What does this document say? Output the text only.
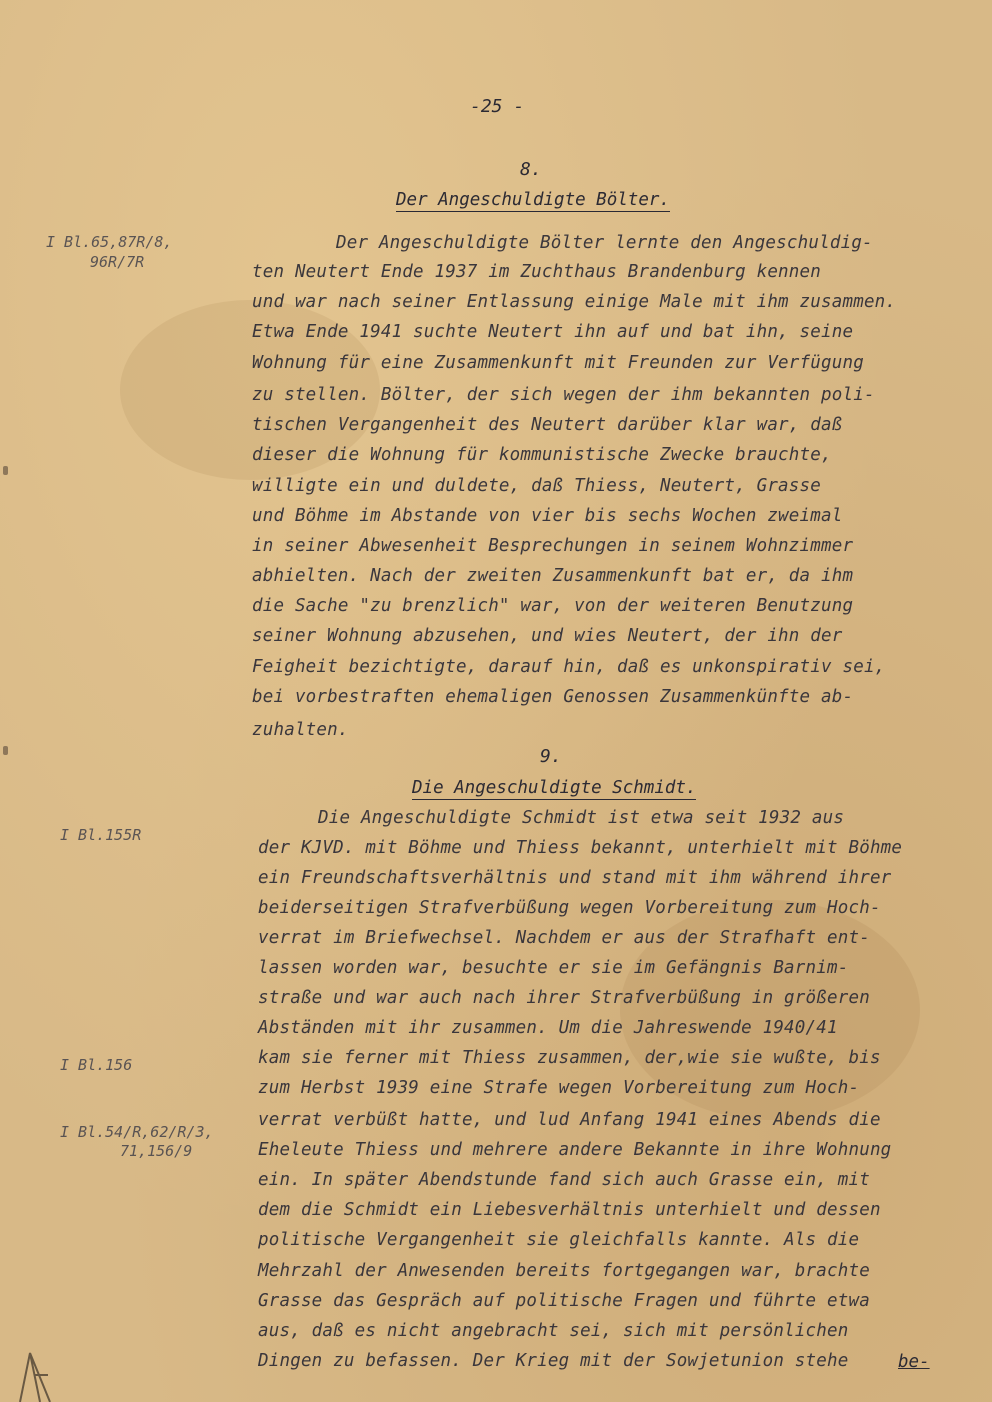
-25 -
8.
Der Angeschuldigte Bölter.
I Bl.65,87R/8,
96R/7R
Der Angeschuldigte Bölter lernte den Angeschuldig-
ten Neutert Ende 1937 im Zuchthaus Brandenburg kennen
und war nach seiner Entlassung einige Male mit ihm zusammen.
Etwa Ende 1941 suchte Neutert ihn auf und bat ihn, seine
Wohnung für eine Zusammenkunft mit Freunden zur Verfügung
zu stellen. Bölter, der sich wegen der ihm bekannten poli-
tischen Vergangenheit des Neutert darüber klar war, daß
dieser die Wohnung für kommunistische Zwecke brauchte,
willigte ein und duldete, daß Thiess, Neutert, Grasse
und Böhme im Abstande von vier bis sechs Wochen zweimal
in seiner Abwesenheit Besprechungen in seinem Wohnzimmer
abhielten. Nach der zweiten Zusammenkunft bat er, da ihm
die Sache "zu brenzlich" war, von der weiteren Benutzung
seiner Wohnung abzusehen, und wies Neutert, der ihn der
Feigheit bezichtigte, darauf hin, daß es unkonspirativ sei,
bei vorbestraften ehemaligen Genossen Zusammenkünfte ab-
zuhalten.
9.
Die Angeschuldigte Schmidt.
I Bl.155R
I Bl.156
I Bl.54/R,62/R/3,
71,156/9
Die Angeschuldigte Schmidt ist etwa seit 1932 aus
der KJVD. mit Böhme und Thiess bekannt, unterhielt mit Böhme
ein Freundschaftsverhältnis und stand mit ihm während ihrer
beiderseitigen Strafverbüßung wegen Vorbereitung zum Hoch-
verrat im Briefwechsel. Nachdem er aus der Strafhaft ent-
lassen worden war, besuchte er sie im Gefängnis Barnim-
straße und war auch nach ihrer Strafverbüßung in größeren
Abständen mit ihr zusammen. Um die Jahreswende 1940/41
kam sie ferner mit Thiess zusammen, der,wie sie wußte, bis
zum Herbst 1939 eine Strafe wegen Vorbereitung zum Hoch-
verrat verbüßt hatte, und lud Anfang 1941 eines Abends die
Eheleute Thiess und mehrere andere Bekannte in ihre Wohnung
ein. In später Abendstunde fand sich auch Grasse ein, mit
dem die Schmidt ein Liebesverhältnis unterhielt und dessen
politische Vergangenheit sie gleichfalls kannte. Als die
Mehrzahl der Anwesenden bereits fortgegangen war, brachte
Grasse das Gespräch auf politische Fragen und führte etwa
aus, daß es nicht angebracht sei, sich mit persönlichen
Dingen zu befassen. Der Krieg mit der Sowjetunion stehe	be-
